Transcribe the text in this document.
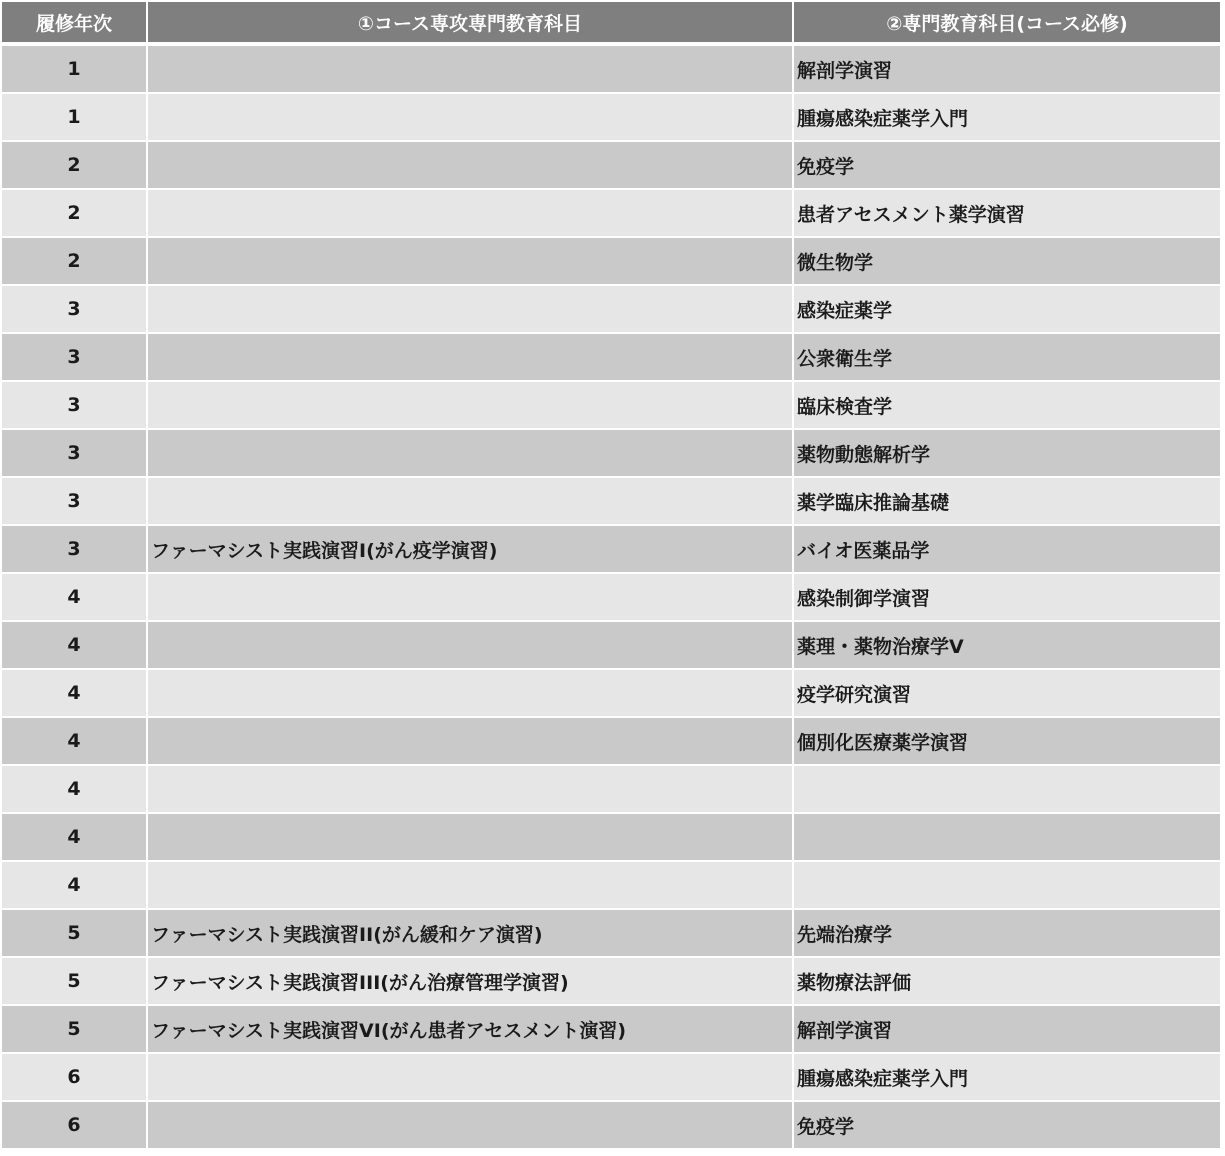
履修年次	①コース専攻専門教育科目	②専門教育科目(コース必修)
1		解剖学演習
1		腫瘍感染症薬学入門
2		免疫学
2		患者アセスメント薬学演習
2		微生物学
3		感染症薬学
3		公衆衛生学
3		臨床検査学
3		薬物動態解析学
3		薬学臨床推論基礎
3	ファーマシスト実践演習I(がん疫学演習)	バイオ医薬品学
4		感染制御学演習
4		薬理・薬物治療学V
4		疫学研究演習
4		個別化医療薬学演習
4		
4		
4		
5	ファーマシスト実践演習II(がん緩和ケア演習)	先端治療学
5	ファーマシスト実践演習III(がん治療管理学演習)	薬物療法評価
5	ファーマシスト実践演習VI(がん患者アセスメント演習)	解剖学演習
6		腫瘍感染症薬学入門
6		免疫学
